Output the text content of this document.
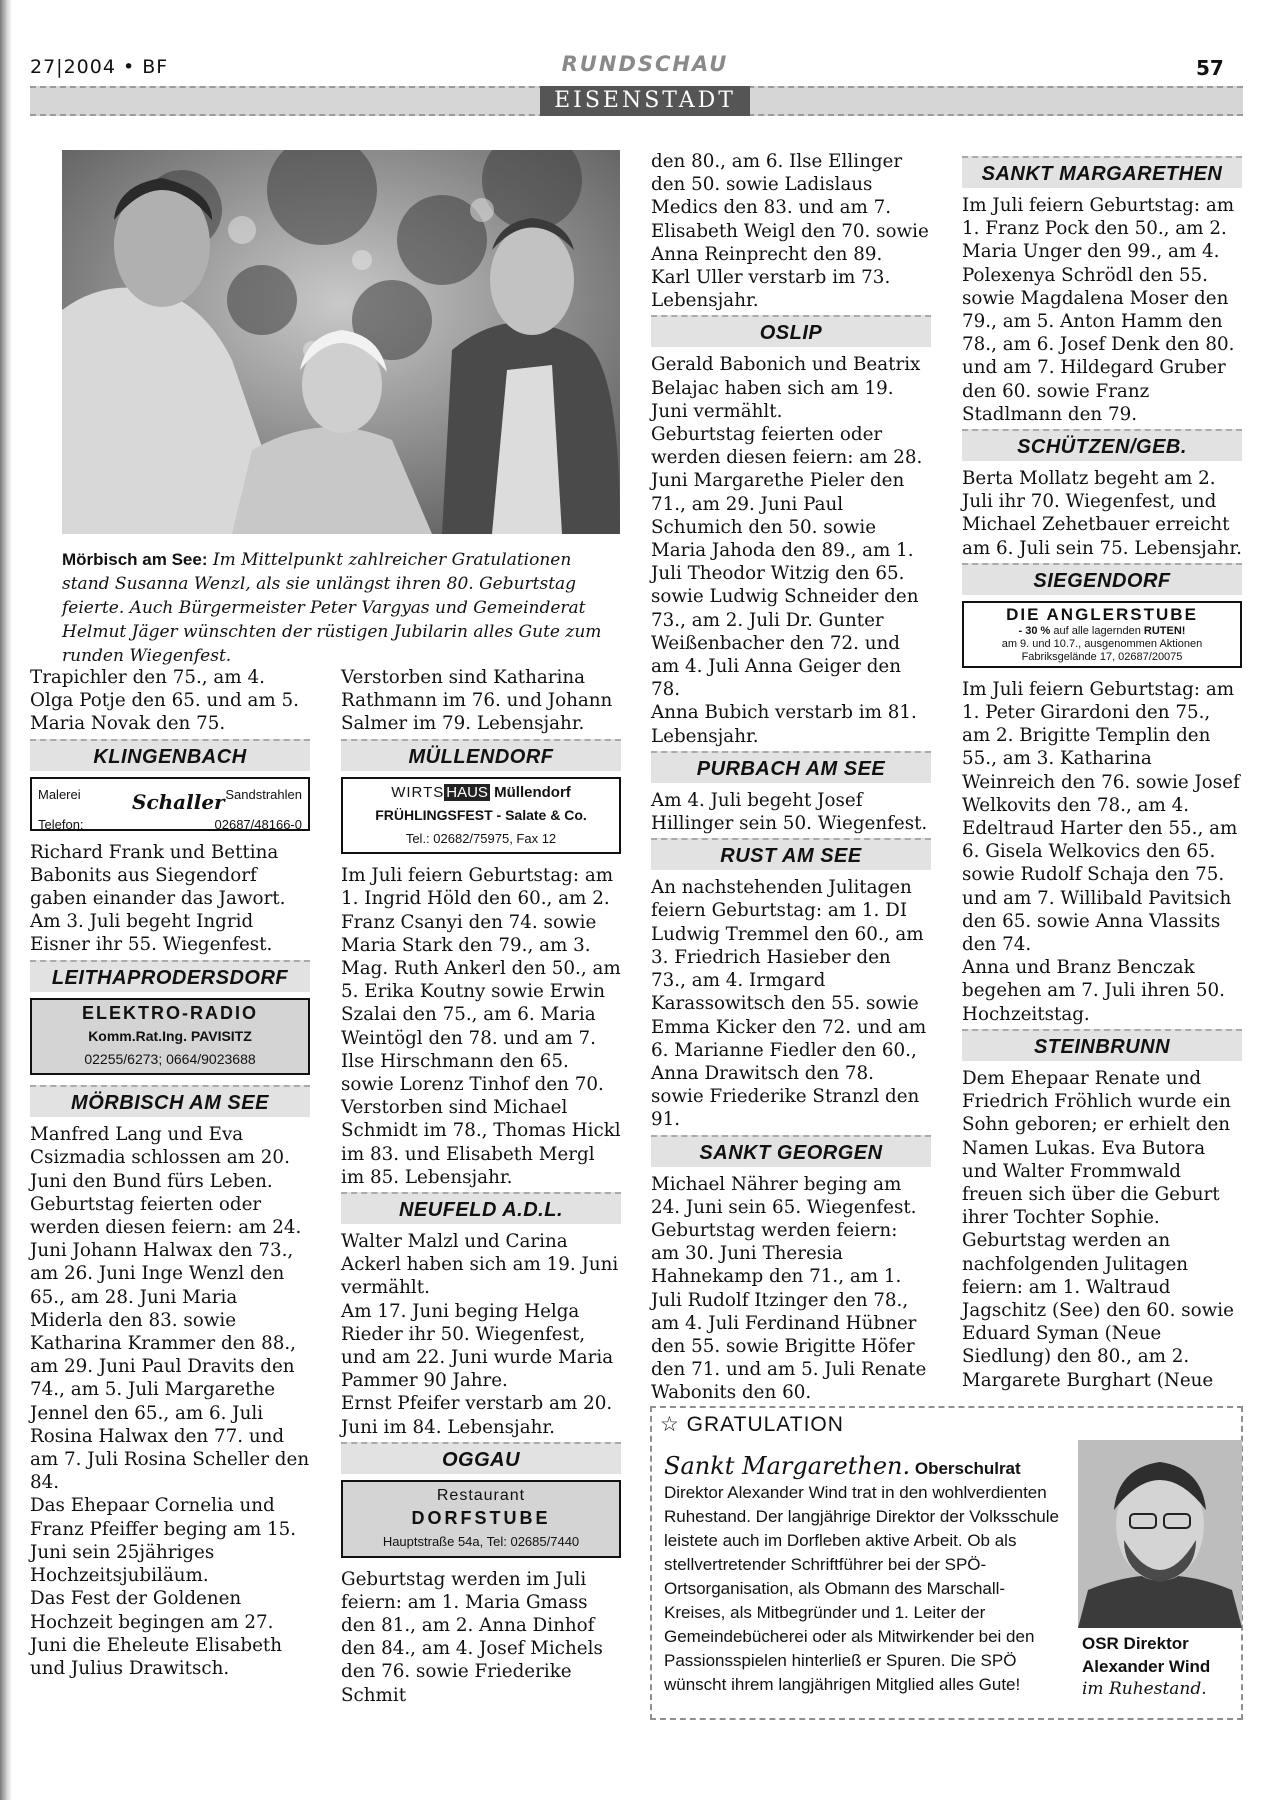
27|2004 • BF	RUNDSCHAU	57
EISENSTADT
Mörbisch am See: Im Mittelpunkt zahlreicher Gratulationen stand Susanna Wenzl, als sie unlängst ihren 80. Geburtstag feierte. Auch Bürgermeister Peter Vargyas und Gemeinderat Helmut Jäger wünschten der rüstigen Jubilarin alles Gute zum runden Wiegenfest.

Trapichler den 75., am 4. Olga Potje den 65. und am 5. Maria Novak den 75.

KLINGENBACH
Malerei	Sandstrahlen
Schaller
Telefon:	02687/48166-0

Richard Frank und Bettina Babonits aus Siegendorf gaben einander das Jawort.

Am 3. Juli begeht Ingrid Eisner ihr 55. Wiegenfest.

LEITHAPRODERSDORF
ELEKTRO-RADIO
Komm.Rat.Ing. PAVISITZ
02255/6273; 0664/9023688
MÖRBISCH AM SEE

Manfred Lang und Eva Csizmadia schlossen am 20. Juni den Bund fürs Leben.

Geburtstag feierten oder werden diesen feiern: am 24. Juni Johann Halwax den 73., am 26. Juni Inge Wenzl den 65., am 28. Juni Maria Miderla den 83. sowie Katharina Krammer den 88., am 29. Juni Paul Dravits den 74., am 5. Juli Margarethe Jennel den 65., am 6. Juli Rosina Halwax den 77. und am 7. Juli Rosina Scheller den 84.

Das Ehepaar Cornelia und Franz Pfeiffer beging am 15. Juni sein 25jähriges Hochzeitsjubiläum.

Das Fest der Goldenen Hochzeit begingen am 27. Juni die Eheleute Elisabeth und Julius Drawitsch.

Verstorben sind Katharina Rathmann im 76. und Johann Salmer im 79. Lebensjahr.

MÜLLENDORF
WIRTS HAUS Müllendorf
FRÜHLINGSFEST - Salate & Co.
Tel.: 02682/75975, Fax 12

Im Juli feiern Geburtstag: am 1. Ingrid Höld den 60., am 2. Franz Csanyi den 74. sowie Maria Stark den 79., am 3. Mag. Ruth Ankerl den 50., am 5. Erika Koutny sowie Erwin Szalai den 75., am 6. Maria Weintögl den 78. und am 7. Ilse Hirschmann den 65. sowie Lorenz Tinhof den 70.

Verstorben sind Michael Schmidt im 78., Thomas Hickl im 83. und Elisabeth Mergl im 85. Lebensjahr.

NEUFELD A.D.L.

Walter Malzl und Carina Ackerl haben sich am 19. Juni vermählt.

Am 17. Juni beging Helga Rieder ihr 50. Wiegenfest, und am 22. Juni wurde Maria Pammer 90 Jahre.

Ernst Pfeifer verstarb am 20. Juni im 84. Lebensjahr.

OGGAU
Restaurant
DORFSTUBE
Hauptstraße 54a, Tel: 02685/7440

Geburtstag werden im Juli feiern: am 1. Maria Gmass den 81., am 2. Anna Dinhof den 84., am 4. Josef Michels den 76. sowie Friederike Schmit

den 80., am 6. Ilse Ellinger den 50. sowie Ladislaus Medics den 83. und am 7. Elisabeth Weigl den 70. sowie Anna Reinprecht den 89.

Karl Uller verstarb im 73. Lebensjahr.

OSLIP

Gerald Babonich und Beatrix Belajac haben sich am 19. Juni vermählt.

Geburtstag feierten oder werden diesen feiern: am 28. Juni Margarethe Pieler den 71., am 29. Juni Paul Schumich den 50. sowie Maria Jahoda den 89., am 1. Juli Theodor Witzig den 65. sowie Ludwig Schneider den 73., am 2. Juli Dr. Gunter Weißenbacher den 72. und am 4. Juli Anna Geiger den 78.

Anna Bubich verstarb im 81. Lebensjahr.

PURBACH AM SEE

Am 4. Juli begeht Josef Hillinger sein 50. Wiegenfest.

RUST AM SEE

An nachstehenden Julitagen feiern Geburtstag: am 1. DI Ludwig Tremmel den 60., am 3. Friedrich Hasieber den 73., am 4. Irmgard Karassowitsch den 55. sowie Emma Kicker den 72. und am 6. Marianne Fiedler den 60., Anna Drawitsch den 78. sowie Friederike Stranzl den 91.

SANKT GEORGEN

Michael Nährer beging am 24. Juni sein 65. Wiegenfest.

Geburtstag werden feiern: am 30. Juni Theresia Hahnekamp den 71., am 1. Juli Rudolf Itzinger den 78., am 4. Juli Ferdinand Hübner den 55. sowie Brigitte Höfer den 71. und am 5. Juli Renate Wabonits den 60.

SANKT MARGARETHEN

Im Juli feiern Geburtstag: am 1. Franz Pock den 50., am 2. Maria Unger den 99., am 4. Polexenya Schrödl den 55. sowie Magdalena Moser den 79., am 5. Anton Hamm den 78., am 6. Josef Denk den 80. und am 7. Hildegard Gruber den 60. sowie Franz Stadlmann den 79.

SCHÜTZEN/GEB.

Berta Mollatz begeht am 2. Juli ihr 70. Wiegenfest, und Michael Zehetbauer erreicht am 6. Juli sein 75. Lebensjahr.

SIEGENDORF
DIE ANGLERSTUBE
- 30 % auf alle lagernden RUTEN!
am 9. und 10.7., ausgenommen Aktionen
Fabriksgelände 17, 02687/20075

Im Juli feiern Geburtstag: am 1. Peter Girardoni den 75., am 2. Brigitte Templin den 55., am 3. Katharina Weinreich den 76. sowie Josef Welkovits den 78., am 4. Edeltraud Harter den 55., am 6. Gisela Welkovics den 65. sowie Rudolf Schaja den 75. und am 7. Willibald Pavitsich den 65. sowie Anna Vlassits den 74.

Anna und Branz Benczak begehen am 7. Juli ihren 50. Hochzeitstag.

STEINBRUNN

Dem Ehepaar Renate und Friedrich Fröhlich wurde ein Sohn geboren; er erhielt den Namen Lukas. Eva Butora und Walter Frommwald freuen sich über die Geburt ihrer Tochter Sophie.

Geburtstag werden an nachfolgenden Julitagen feiern: am 1. Waltraud Jagschitz (See) den 60. sowie Eduard Syman (Neue Siedlung) den 80., am 2. Margarete Burghart (Neue

☆ GRATULATION
Sankt Margarethen. Oberschulrat Direktor Alexander Wind trat in den wohlverdienten Ruhestand. Der langjährige Direktor der Volksschule leistete auch im Dorfleben aktive Arbeit. Ob als stellvertretender Schriftführer bei der SPÖ-Ortsorganisation, als Obmann des Marschall-Kreises, als Mitbegründer und 1. Leiter der Gemeindebücherei oder als Mitwirkender bei den Passionsspielen hinterließ er Spuren. Die SPÖ wünscht ihrem langjährigen Mitglied alles Gute!
OSR Direktor Alexander Wind
im Ruhestand.
